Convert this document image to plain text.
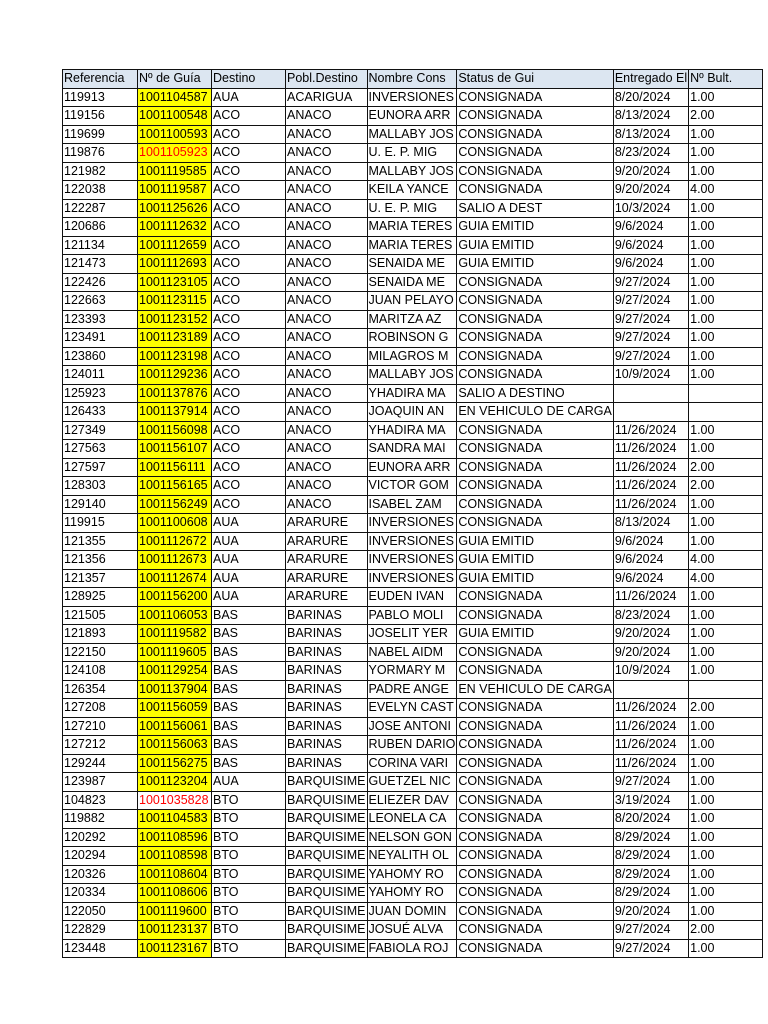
Referencia	Nº de Guía	Destino	Pobl.Destino	Nombre Cons	Status de Gui	Entregado El	Nº Bult.
119913	1001104587	AUA	ACARIGUA	INVERSIONES	CONSIGNADA	8/20/2024	1.00
119156	1001100548	ACO	ANACO	EUNORA ARR	CONSIGNADA	8/13/2024	2.00
119699	1001100593	ACO	ANACO	MALLABY JOS	CONSIGNADA	8/13/2024	1.00
119876	1001105923	ACO	ANACO	U. E. P. MIG	CONSIGNADA	8/23/2024	1.00
121982	1001119585	ACO	ANACO	MALLABY JOS	CONSIGNADA	9/20/2024	1.00
122038	1001119587	ACO	ANACO	KEILA YANCE	CONSIGNADA	9/20/2024	4.00
122287	1001125626	ACO	ANACO	U. E. P. MIG	SALIO A DEST	10/3/2024	1.00
120686	1001112632	ACO	ANACO	MARIA TERES	GUIA EMITID	9/6/2024	1.00
121134	1001112659	ACO	ANACO	MARIA TERES	GUIA EMITID	9/6/2024	1.00
121473	1001112693	ACO	ANACO	SENAIDA ME	GUIA EMITID	9/6/2024	1.00
122426	1001123105	ACO	ANACO	SENAIDA ME	CONSIGNADA	9/27/2024	1.00
122663	1001123115	ACO	ANACO	JUAN PELAYO	CONSIGNADA	9/27/2024	1.00
123393	1001123152	ACO	ANACO	MARITZA AZ	CONSIGNADA	9/27/2024	1.00
123491	1001123189	ACO	ANACO	ROBINSON G	CONSIGNADA	9/27/2024	1.00
123860	1001123198	ACO	ANACO	MILAGROS M	CONSIGNADA	9/27/2024	1.00
124011	1001129236	ACO	ANACO	MALLABY JOS	CONSIGNADA	10/9/2024	1.00
125923	1001137876	ACO	ANACO	YHADIRA MA	SALIO A DESTINO		
126433	1001137914	ACO	ANACO	JOAQUIN AN	EN VEHICULO DE CARGA		
127349	1001156098	ACO	ANACO	YHADIRA MA	CONSIGNADA	11/26/2024	1.00
127563	1001156107	ACO	ANACO	SANDRA MAI	CONSIGNADA	11/26/2024	1.00
127597	1001156111	ACO	ANACO	EUNORA ARR	CONSIGNADA	11/26/2024	2.00
128303	1001156165	ACO	ANACO	VICTOR GOM	CONSIGNADA	11/26/2024	2.00
129140	1001156249	ACO	ANACO	ISABEL ZAM	CONSIGNADA	11/26/2024	1.00
119915	1001100608	AUA	ARARURE	INVERSIONES	CONSIGNADA	8/13/2024	1.00
121355	1001112672	AUA	ARARURE	INVERSIONES	GUIA EMITID	9/6/2024	1.00
121356	1001112673	AUA	ARARURE	INVERSIONES	GUIA EMITID	9/6/2024	4.00
121357	1001112674	AUA	ARARURE	INVERSIONES	GUIA EMITID	9/6/2024	4.00
128925	1001156200	AUA	ARARURE	EUDEN IVAN	CONSIGNADA	11/26/2024	1.00
121505	1001106053	BAS	BARINAS	PABLO MOLI	CONSIGNADA	8/23/2024	1.00
121893	1001119582	BAS	BARINAS	JOSELIT YER	GUIA EMITID	9/20/2024	1.00
122150	1001119605	BAS	BARINAS	NABEL AIDM	CONSIGNADA	9/20/2024	1.00
124108	1001129254	BAS	BARINAS	YORMARY M	CONSIGNADA	10/9/2024	1.00
126354	1001137904	BAS	BARINAS	PADRE ANGE	EN VEHICULO DE CARGA		
127208	1001156059	BAS	BARINAS	EVELYN CAST	CONSIGNADA	11/26/2024	2.00
127210	1001156061	BAS	BARINAS	JOSE ANTONI	CONSIGNADA	11/26/2024	1.00
127212	1001156063	BAS	BARINAS	RUBEN DARIO	CONSIGNADA	11/26/2024	1.00
129244	1001156275	BAS	BARINAS	CORINA VARI	CONSIGNADA	11/26/2024	1.00
123987	1001123204	AUA	BARQUISIME	GUETZEL NIC	CONSIGNADA	9/27/2024	1.00
104823	1001035828	BTO	BARQUISIME	ELIEZER DAV	CONSIGNADA	3/19/2024	1.00
119882	1001104583	BTO	BARQUISIME	LEONELA CA	CONSIGNADA	8/20/2024	1.00
120292	1001108596	BTO	BARQUISIME	NELSON GON	CONSIGNADA	8/29/2024	1.00
120294	1001108598	BTO	BARQUISIME	NEYALITH OL	CONSIGNADA	8/29/2024	1.00
120326	1001108604	BTO	BARQUISIME	YAHOMY RO	CONSIGNADA	8/29/2024	1.00
120334	1001108606	BTO	BARQUISIME	YAHOMY RO	CONSIGNADA	8/29/2024	1.00
122050	1001119600	BTO	BARQUISIME	JUAN DOMIN	CONSIGNADA	9/20/2024	1.00
122829	1001123137	BTO	BARQUISIME	JOSUÉ ALVA	CONSIGNADA	9/27/2024	2.00
123448	1001123167	BTO	BARQUISIME	FABIOLA ROJ	CONSIGNADA	9/27/2024	1.00
